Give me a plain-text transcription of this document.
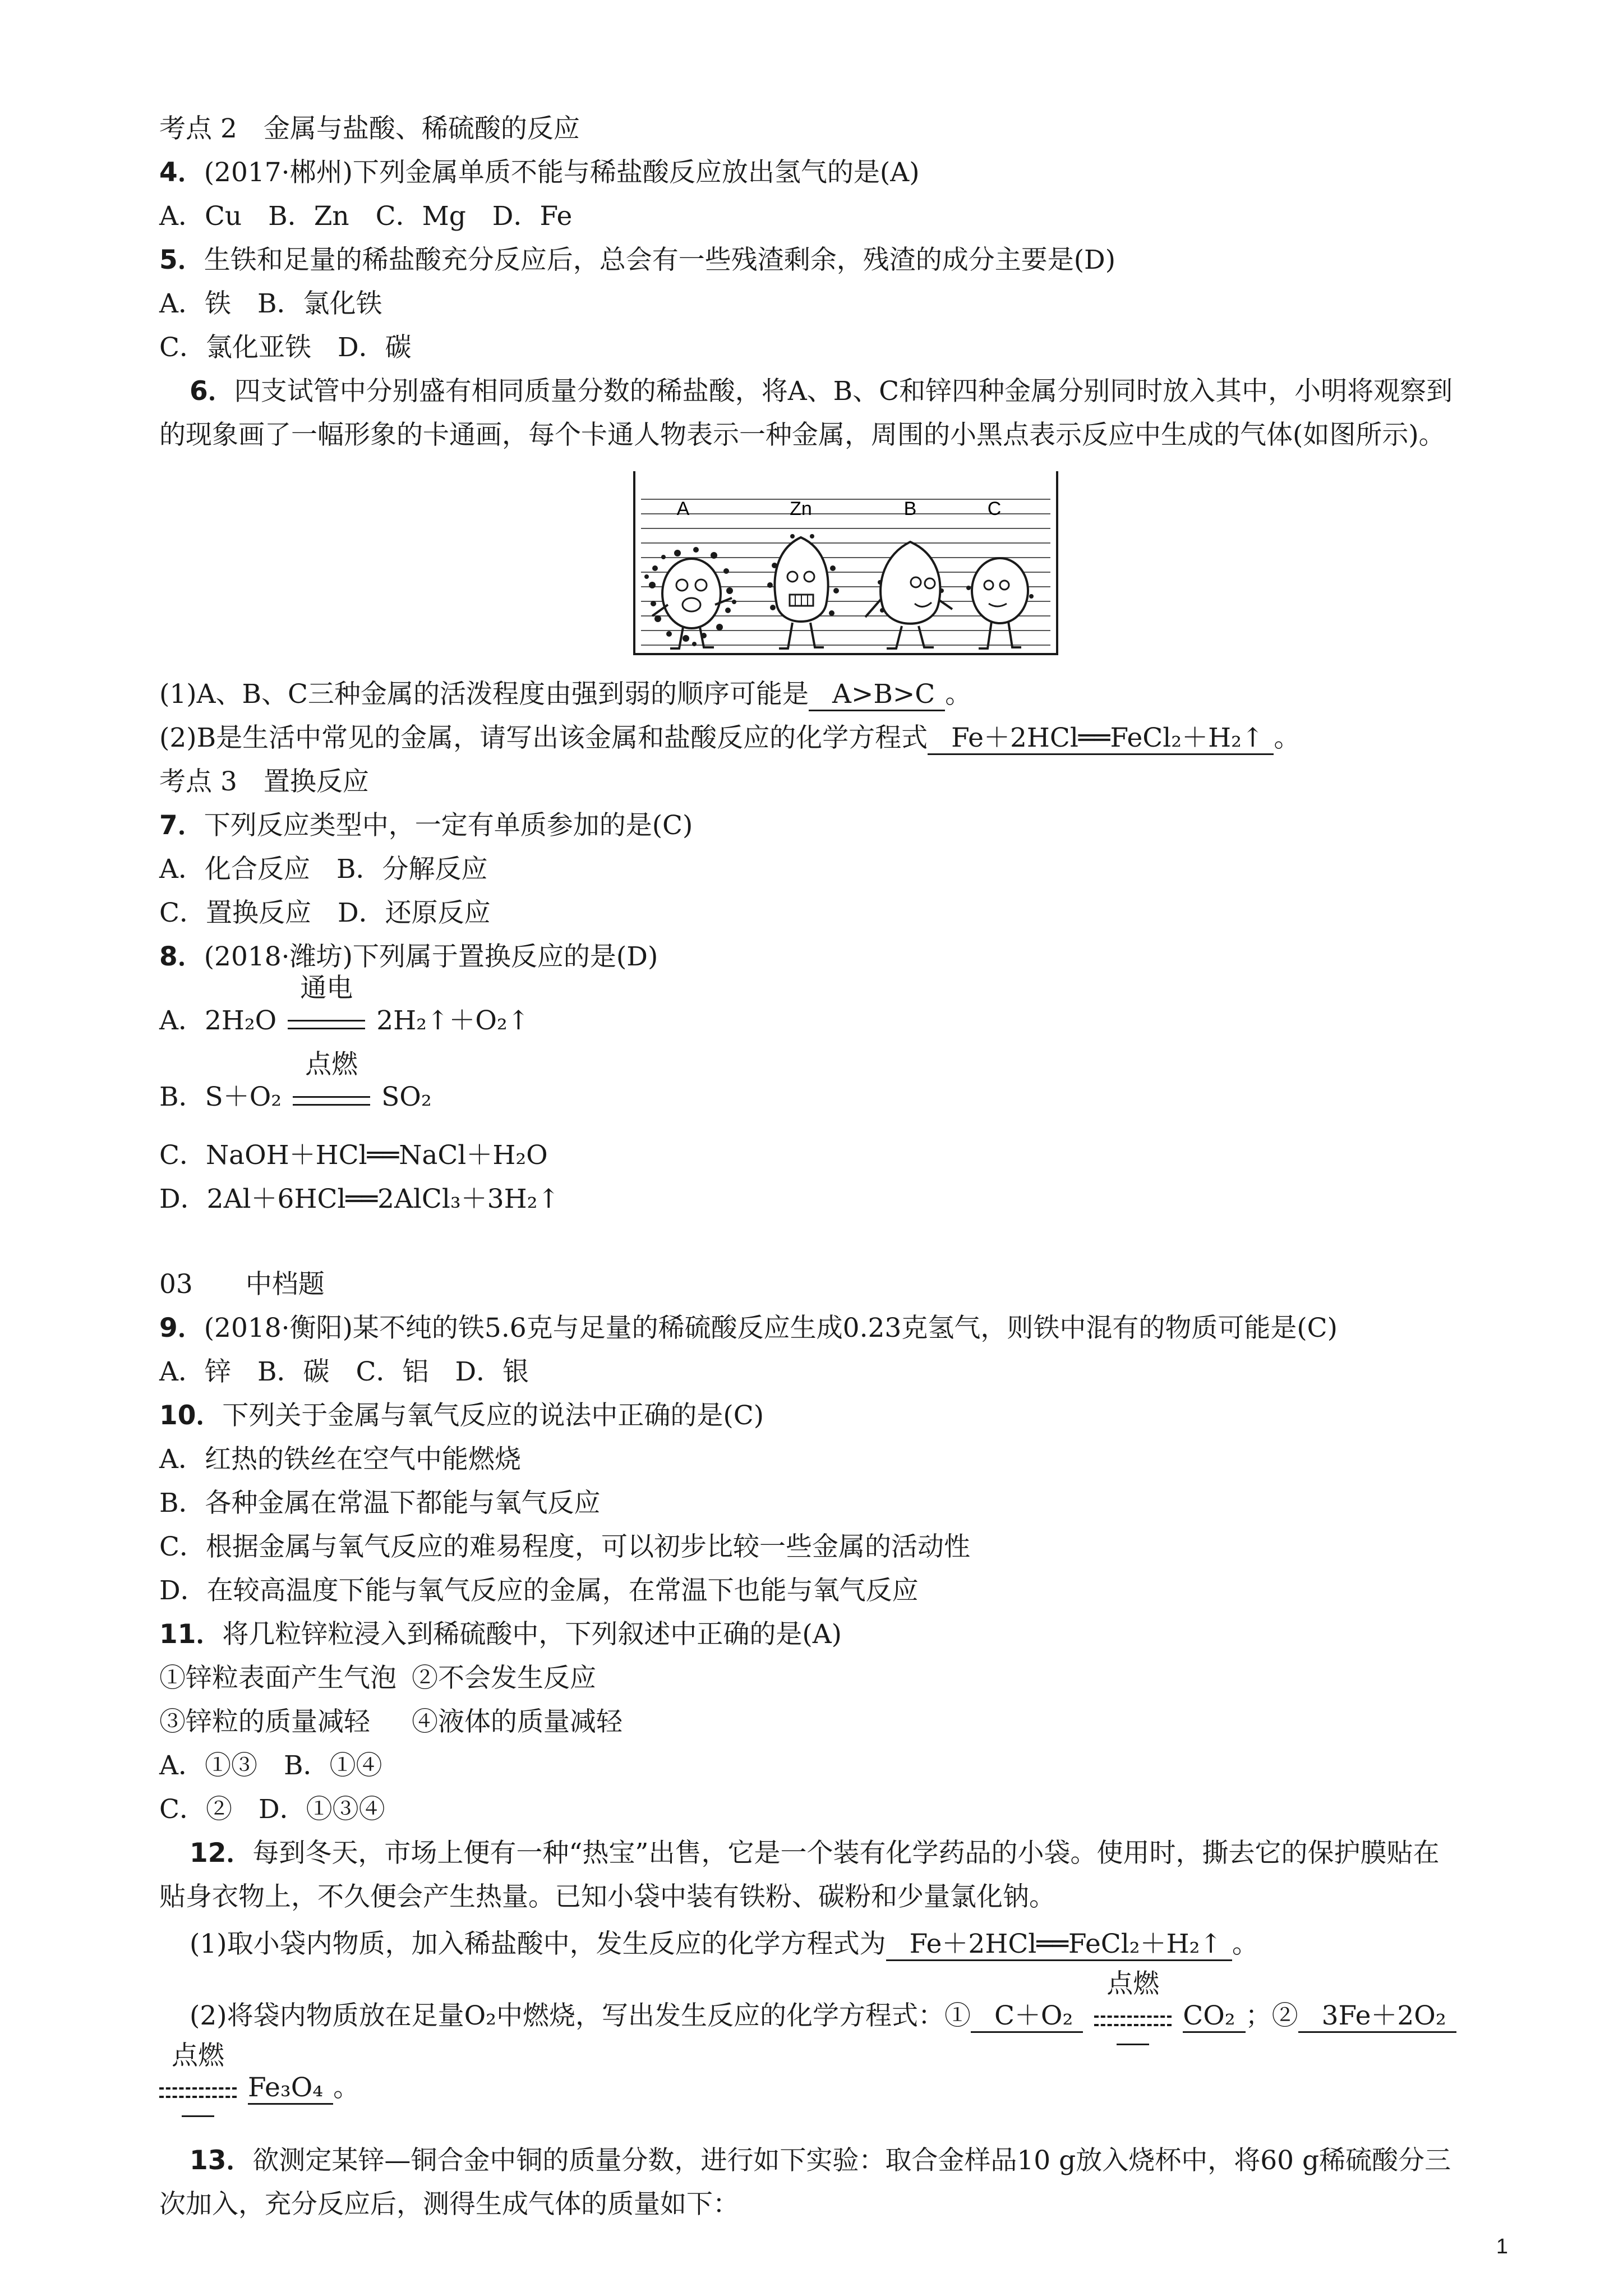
考点 2  金属与盐酸、稀硫酸的反应
4．(2017·郴州)下列金属单质不能与稀盐酸反应放出氢气的是(A)
A．Cu　B．Zn　C．Mg　D．Fe
5．生铁和足量的稀盐酸充分反应后，总会有一些残渣剩余，残渣的成分主要是(D)
A．铁　B．氯化铁
C．氯化亚铁　D．碳
6．四支试管中分别盛有相同质量分数的稀盐酸，将A、B、C和锌四种金属分别同时放入其中，小明将观察到
的现象画了一幅形象的卡通画，每个卡通人物表示一种金属，周围的小黑点表示反应中生成的气体(如图所示)。
A	Zn	B	C
(1)A、B、C三种金属的活泼程度由强到弱的顺序可能是 A>B>C 。
(2)B是生活中常见的金属，请写出该金属和盐酸反应的化学方程式 Fe＋2HCl══FeCl₂＋H₂↑ 。
考点 3  置换反应
7．下列反应类型中，一定有单质参加的是(C)
A．化合反应　B．分解反应
C．置换反应　D．还原反应
8．(2018·潍坊)下列属于置换反应的是(D)
A．2H₂O
通电
2H₂↑＋O₂↑
B．S＋O₂
点燃
SO₂
C．NaOH＋HCl══NaCl＋H₂O
D．2Al＋6HCl══2AlCl₃＋3H₂↑
03   中档题
9．(2018·衡阳)某不纯的铁5.6克与足量的稀硫酸反应生成0.23克氢气，则铁中混有的物质可能是(C)
A．锌　B．碳　C．铝　D．银
10．下列关于金属与氧气反应的说法中正确的是(C)
A．红热的铁丝在空气中能燃烧
B．各种金属在常温下都能与氧气反应
C．根据金属与氧气反应的难易程度，可以初步比较一些金属的活动性
D．在较高温度下能与氧气反应的金属，在常温下也能与氧气反应
11．将几粒锌粒浸入到稀硫酸中，下列叙述中正确的是(A)
①锌粒表面产生气泡 ②不会发生反应
③锌粒的质量减轻 ④液体的质量减轻
A．①③　B．①④
C．②　D．①③④
12．每到冬天，市场上便有一种“热宝”出售，它是一个装有化学药品的小袋。使用时，撕去它的保护膜贴在
贴身衣物上，不久便会产生热量。已知小袋中装有铁粉、碳粉和少量氯化钠。
(1)取小袋内物质，加入稀盐酸中，发生反应的化学方程式为 Fe＋2HCl══FeCl₂＋H₂↑ 。
(2)将袋内物质放在足量O₂中燃烧，写出发生反应的化学方程式：① C＋O₂
点燃
CO₂ ；② 3Fe＋2O₂
点燃
Fe₃O₄ 。
13．欲测定某锌—铜合金中铜的质量分数，进行如下实验：取合金样品10 g放入烧杯中，将60 g稀硫酸分三
次加入，充分反应后，测得生成气体的质量如下：
1
